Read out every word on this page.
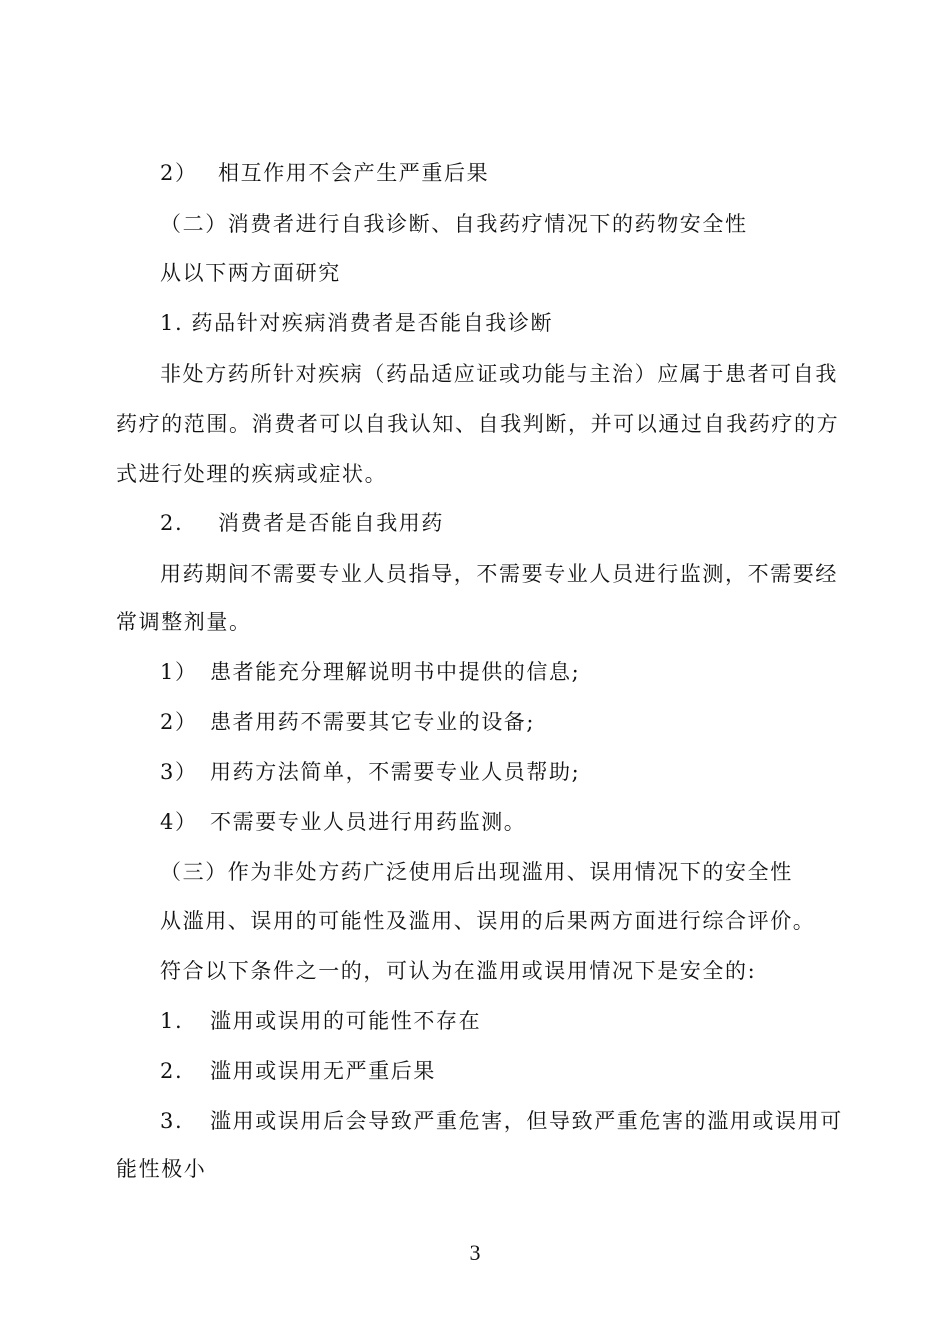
2） 相互作用不会产生严重后果
（二）消费者进行自我诊断、自我药疗情况下的药物安全性
从以下两方面研究
1. 药品针对疾病消费者是否能自我诊断
非处方药所针对疾病（药品适应证或功能与主治）应属于患者可自我
药疗的范围。消费者可以自我认知、自我判断，并可以通过自我药疗的方
式进行处理的疾病或症状。
2. 消费者是否能自我用药
用药期间不需要专业人员指导，不需要专业人员进行监测，不需要经
常调整剂量。
1） 患者能充分理解说明书中提供的信息;
2） 患者用药不需要其它专业的设备;
3） 用药方法简单，不需要专业人员帮助;
4） 不需要专业人员进行用药监测。
（三）作为非处方药广泛使用后出现滥用、误用情况下的安全性
从滥用、误用的可能性及滥用、误用的后果两方面进行综合评价。
符合以下条件之一的，可认为在滥用或误用情况下是安全的:
1. 滥用或误用的可能性不存在
2. 滥用或误用无严重后果
3. 滥用或误用后会导致严重危害，但导致严重危害的滥用或误用可
能性极小
3
